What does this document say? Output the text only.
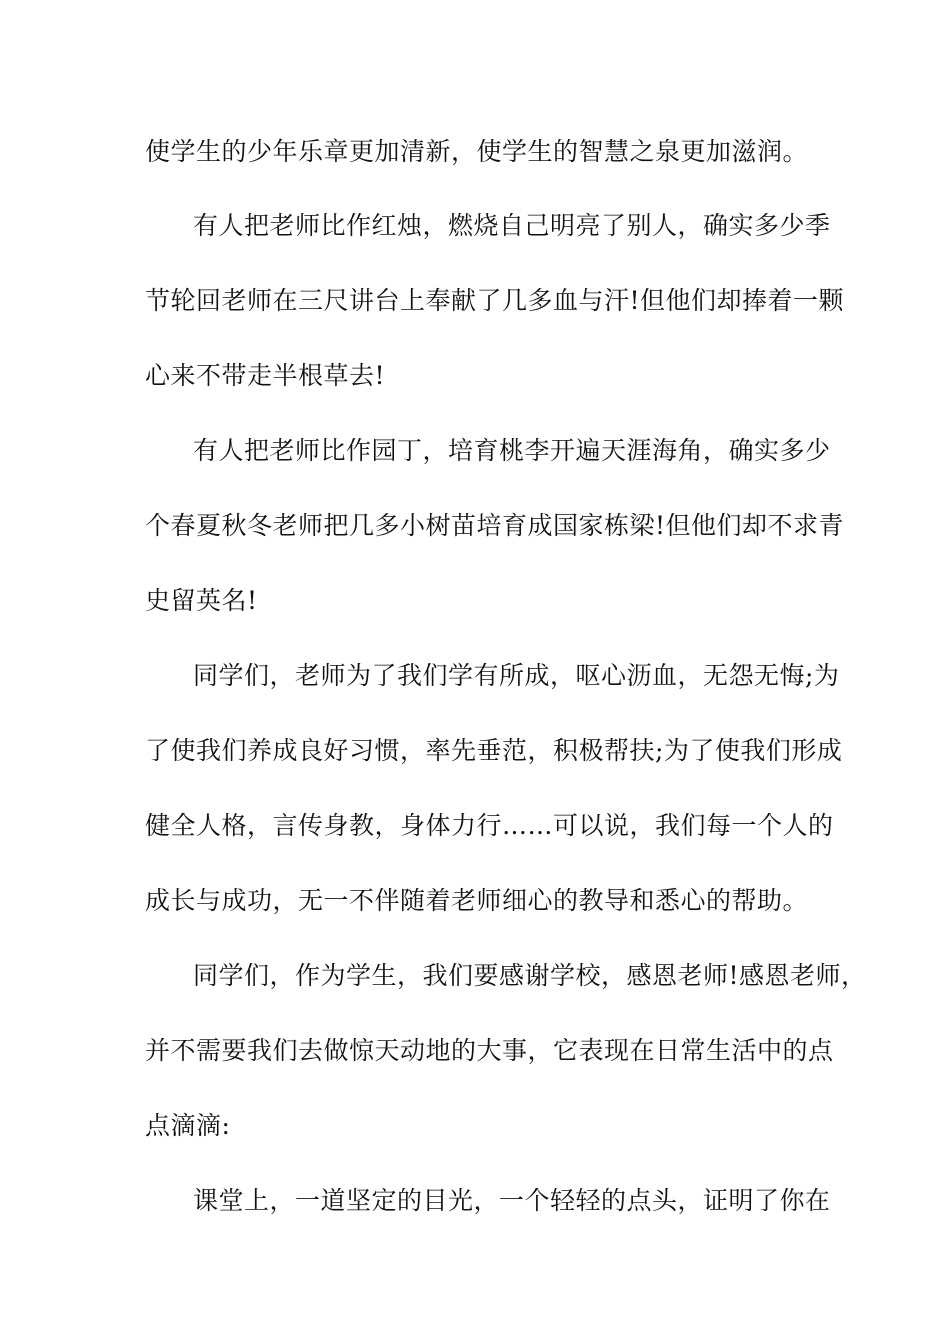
使学生的少年乐章更加清新，使学生的智慧之泉更加滋润。
有人把老师比作红烛，燃烧自己明亮了别人，确实多少季
节轮回老师在三尺讲台上奉献了几多血与汗!但他们却捧着一颗
心来不带走半根草去!
有人把老师比作园丁，培育桃李开遍天涯海角，确实多少
个春夏秋冬老师把几多小树苗培育成国家栋梁!但他们却不求青
史留英名!
同学们，老师为了我们学有所成，呕心沥血，无怨无悔;为
了使我们养成良好习惯，率先垂范，积极帮扶;为了使我们形成
健全人格，言传身教，身体力行……可以说，我们每一个人的
成长与成功，无一不伴随着老师细心的教导和悉心的帮助。
同学们，作为学生，我们要感谢学校，感恩老师!感恩老师，
并不需要我们去做惊天动地的大事，它表现在日常生活中的点
点滴滴:
课堂上，一道坚定的目光，一个轻轻的点头，证明了你在
